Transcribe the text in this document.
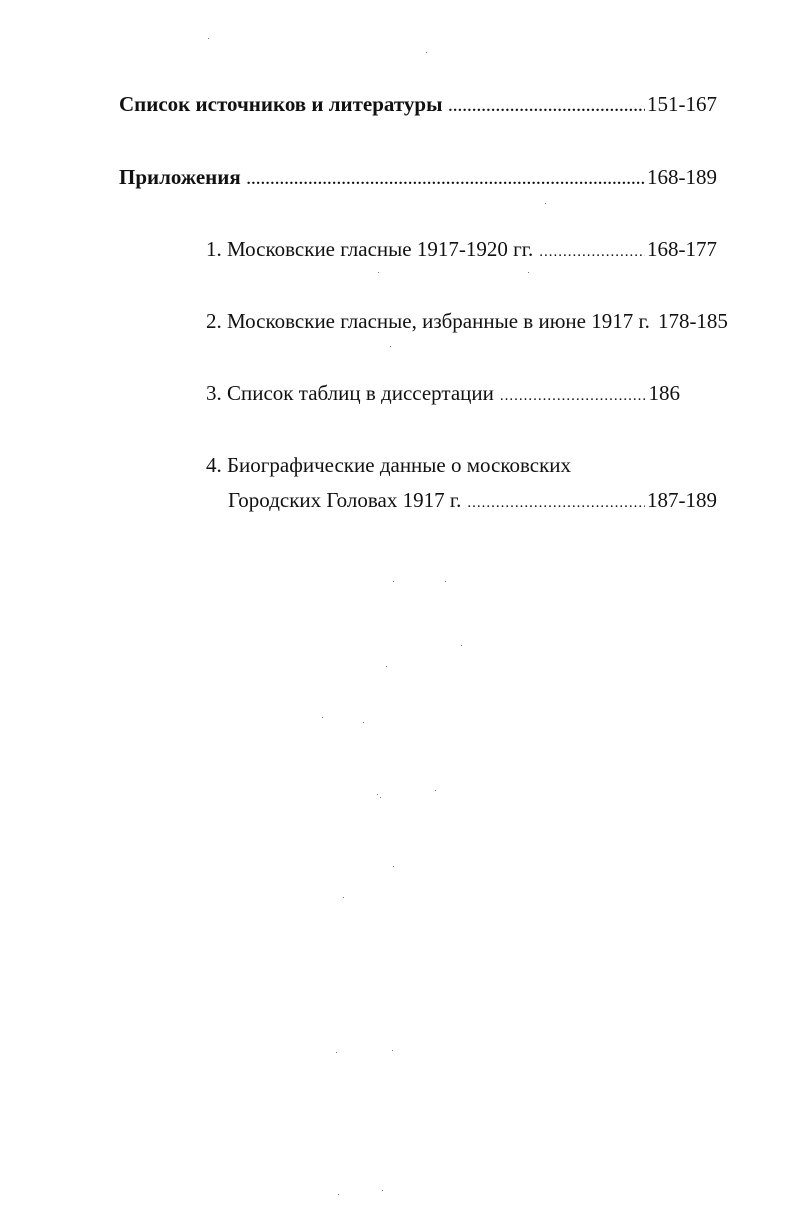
Список источников и литературы .....	151-167
Приложения .....	168-189
1. Московские гласные 1917-1920 гг. .....	168-177
2. Московские гласные, избранные в июне 1917 г. 178-185
3. Список таблиц в диссертации .....	186
4. Биографические данные о московских
Городских Головах 1917 г. .....	187-189
